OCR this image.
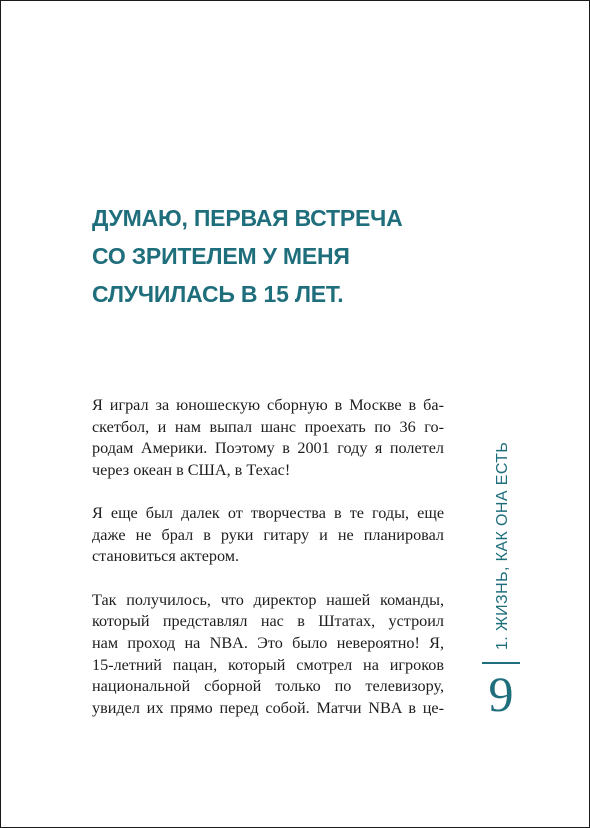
ДУМАЮ, ПЕРВАЯ ВСТРЕЧА
СО ЗРИТЕЛЕМ У МЕНЯ
СЛУЧИЛАСЬ В 15 ЛЕТ.

Я играл за юношескую сборную в Москве в ба-
скетбол, и нам выпал шанс проехать по 36 го-
родам Америки. Поэтому в 2001 году я полетел
через океан в США, в Техас!

Я еще был далек от творчества в те годы, еще
даже не брал в руки гитару и не планировал
становиться актером.

Так получилось, что директор нашей команды,
который представлял нас в Штатах, устроил
нам проход на NBA. Это было невероятно! Я,
15-летний пацан, который смотрел на игроков
национальной сборной только по телевизору,
увидел их прямо перед собой. Матчи NBA в це-

1. ЖИЗНЬ, КАК ОНА ЕСТЬ
9
